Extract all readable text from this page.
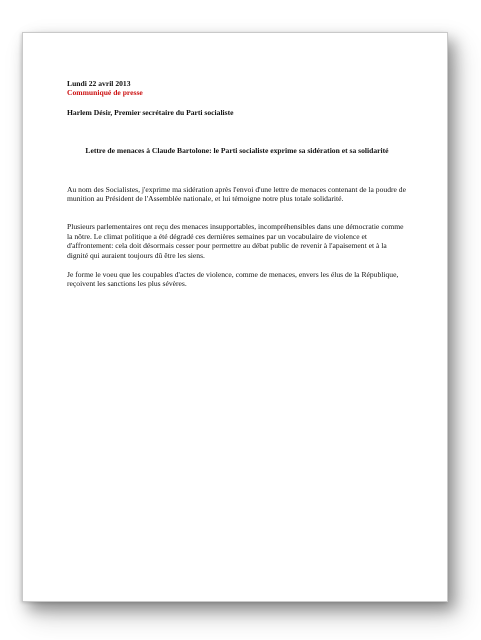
Lundi 22 avril 2013
Communiqué de presse
Harlem Désir, Premier secrétaire du Parti socialiste
Lettre de menaces à Claude Bartolone: le Parti socialiste exprime sa sidération et sa solidarité
Au nom des Socialistes, j'exprime ma sidération après l'envoi d'une lettre de menaces contenant de la poudre de munition au Président de l'Assemblée nationale, et lui témoigne notre plus totale solidarité.
Plusieurs parlementaires ont reçu des menaces insupportables, incompréhensibles dans une démocratie comme la nôtre. Le climat politique a été dégradé ces dernières semaines par un vocabulaire de violence et d'affrontement: cela doit désormais cesser pour permettre au débat public de revenir à l'apaisement et à la dignité qui auraient toujours dû être les siens.
Je forme le voeu que les coupables d'actes de violence, comme de menaces, envers les élus de la République, reçoivent les sanctions les plus sévères.
